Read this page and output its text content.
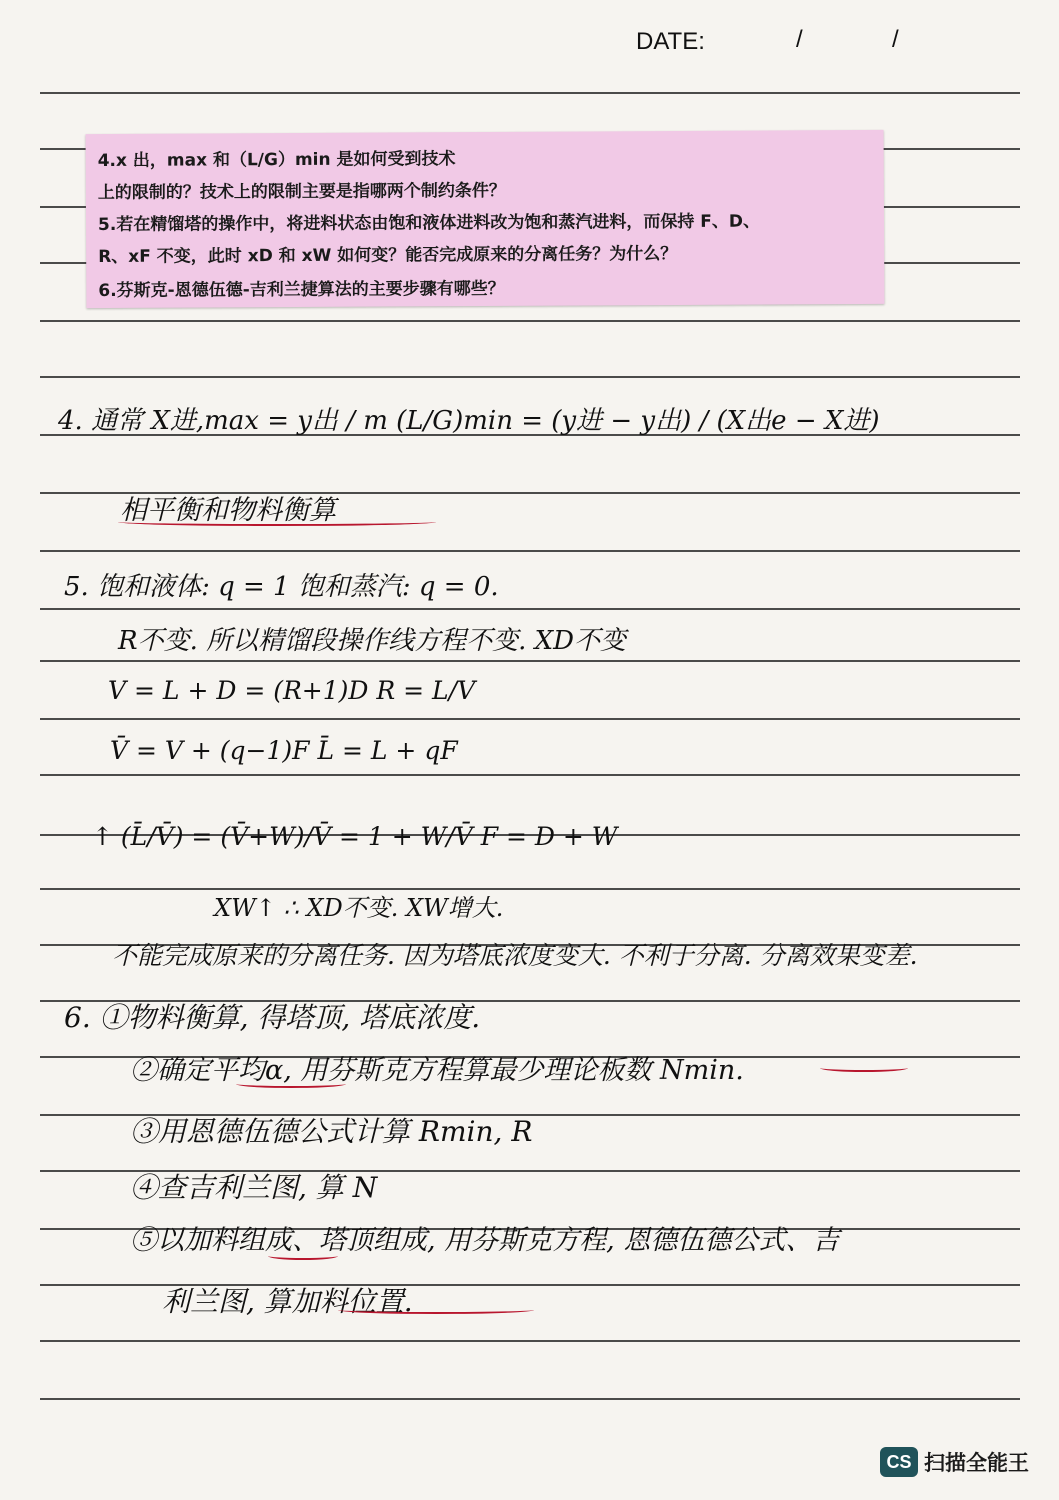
DATE:	/	/
4.x 出，max 和（L/G）min 是如何受到技术
上的限制的？技术上的限制主要是指哪两个制约条件？
5.若在精馏塔的操作中，将进料状态由饱和液体进料改为饱和蒸汽进料，而保持 F、D、
R、xF 不变，此时 xD 和 xW 如何变？能否完成原来的分离任务？为什么？
6.芬斯克-恩德伍德-吉利兰捷算法的主要步骤有哪些？
4. 通常 X进,max = y出 / m (L/G)min = (y进 − y出) / (X出e − X进)
相平衡和物料衡算
5. 饱和液体: q = 1 饱和蒸汽: q = 0.
R不变. 所以精馏段操作线方程不变. XD不变
V = L + D = (R+1)D R = L/V
V̄ = V + (q−1)F L̄ = L + qF
↑ (L̄/V̄) = (V̄+W)/V̄ = 1 + W/V̄ F = D + W
XW↑ ∴ XD不变. XW增大.
不能完成原来的分离任务. 因为塔底浓度变大. 不利于分离. 分离效果变差.
6. ①物料衡算, 得塔顶, 塔底浓度.
②确定平均α, 用芬斯克方程算最少理论板数 Nmin.
③用恩德伍德公式计算 Rmin, R
④查吉利兰图, 算 N
⑤以加料组成、塔顶组成, 用芬斯克方程, 恩德伍德公式、吉
利兰图, 算加料位置.
CS 扫描全能王
